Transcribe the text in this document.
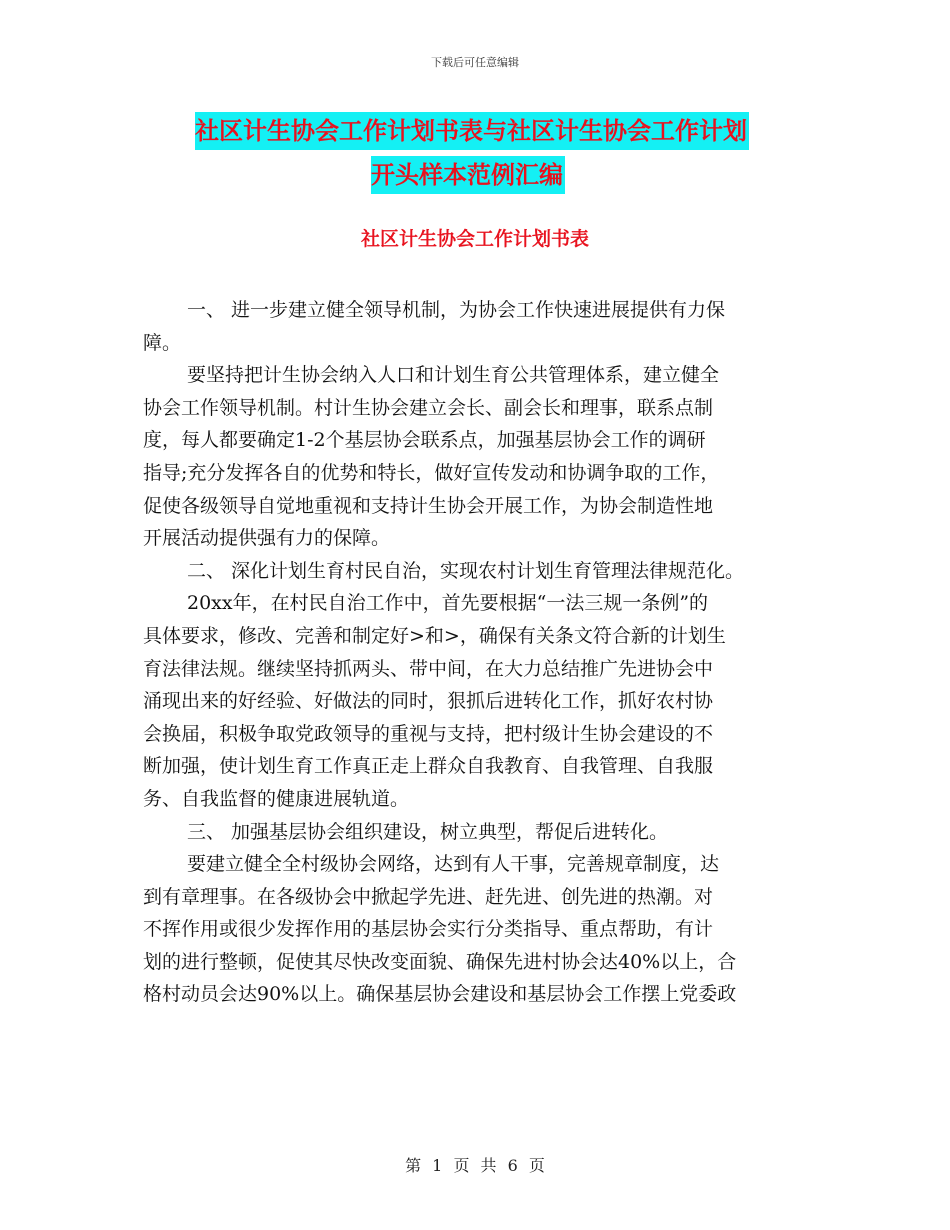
下载后可任意编辑
社区计生协会工作计划书表与社区计生协会工作计划
开头样本范例汇编
社区计生协会工作计划书表
一、 进一步建立健全领导机制，为协会工作快速进展提供有力保
障。
要坚持把计生协会纳入人口和计划生育公共管理体系，建立健全
协会工作领导机制。村计生协会建立会长、副会长和理事，联系点制
度，每人都要确定1-2个基层协会联系点，加强基层协会工作的调研
指导;充分发挥各自的优势和特长，做好宣传发动和协调争取的工作，
促使各级领导自觉地重视和支持计生协会开展工作，为协会制造性地
开展活动提供强有力的保障。
二、 深化计划生育村民自治，实现农村计划生育管理法律规范化。
20xx年，在村民自治工作中，首先要根据“一法三规一条例”的
具体要求，修改、完善和制定好>和>，确保有关条文符合新的计划生
育法律法规。继续坚持抓两头、带中间，在大力总结推广先进协会中
涌现出来的好经验、好做法的同时，狠抓后进转化工作，抓好农村协
会换届，积极争取党政领导的重视与支持，把村级计生协会建设的不
断加强，使计划生育工作真正走上群众自我教育、自我管理、自我服
务、自我监督的健康进展轨道。
三、 加强基层协会组织建设，树立典型，帮促后进转化。
要建立健全全村级协会网络，达到有人干事，完善规章制度，达
到有章理事。在各级协会中掀起学先进、赶先进、创先进的热潮。对
不挥作用或很少发挥作用的基层协会实行分类指导、重点帮助，有计
划的进行整顿，促使其尽快改变面貌、确保先进村协会达40%以上，合
格村动员会达90%以上。确保基层协会建设和基层协会工作摆上党委政
第 1 页 共 6 页
